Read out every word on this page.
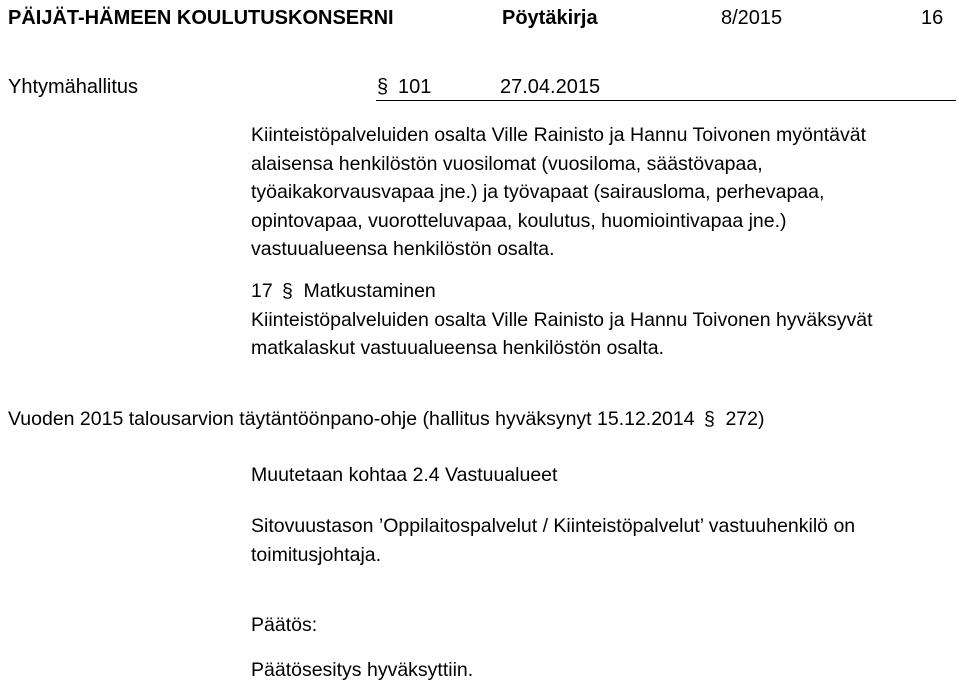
PÄIJÄT-HÄMEEN KOULUTUSKONSERNI	Pöytäkirja	8/2015	16
Yhtymähallitus	§ 101	27.04.2015
Kiinteistöpalveluiden osalta Ville Rainisto ja Hannu Toivonen myöntävät
alaisensa henkilöstön vuosilomat (vuosiloma, säästövapaa,
työaikakorvausvapaa jne.) ja työvapaat (sairausloma, perhevapaa,
opintovapaa, vuorotteluvapaa, koulutus, huomiointivapaa jne.)
vastuualueensa henkilöstön osalta.
17 § Matkustaminen
Kiinteistöpalveluiden osalta Ville Rainisto ja Hannu Toivonen hyväksyvät
matkalaskut vastuualueensa henkilöstön osalta.
Vuoden 2015 talousarvion täytäntöönpano-ohje (hallitus hyväksynyt 15.12.2014 § 272)
Muutetaan kohtaa 2.4 Vastuualueet
Sitovuustason ’Oppilaitospalvelut / Kiinteistöpalvelut’ vastuuhenkilö on
toimitusjohtaja.
Päätös:
Päätösesitys hyväksyttiin.
